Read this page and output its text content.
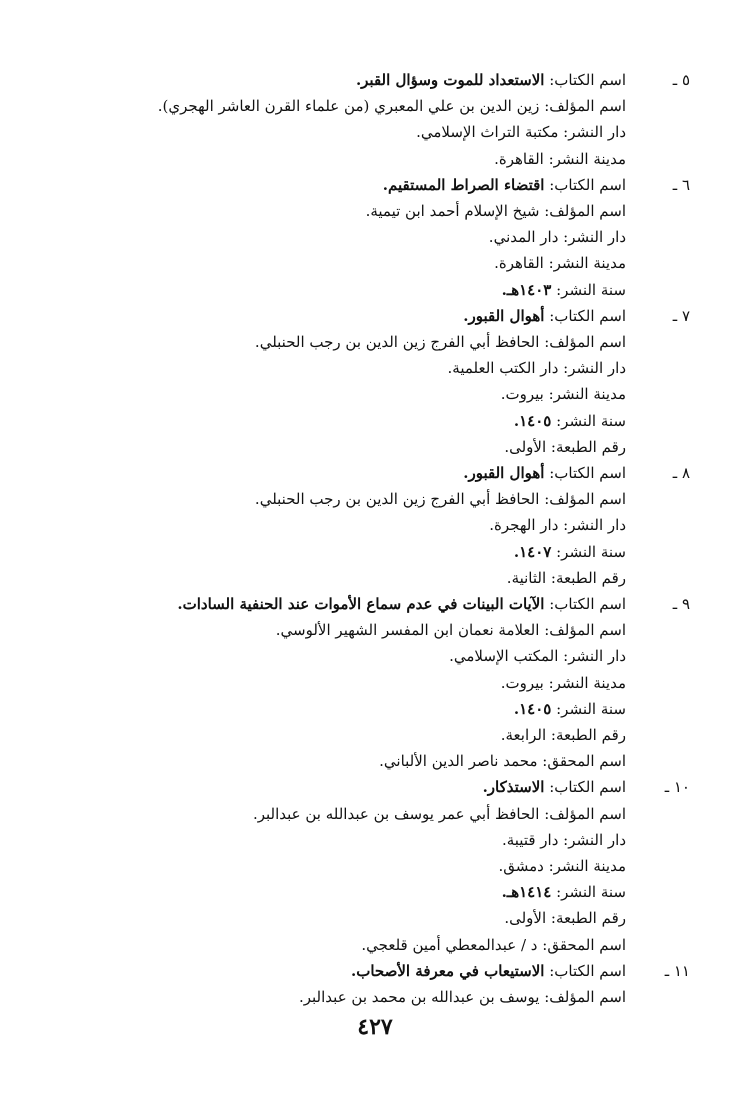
٥ ـ
اسم الكتاب: الاستعداد للموت وسؤال القبر.
اسم المؤلف: زين الدين بن علي المعبري (من علماء القرن العاشر الهجري).
دار النشر: مكتبة التراث الإسلامي.
مدينة النشر: القاهرة.
٦ ـ
اسم الكتاب: اقتضاء الصراط المستقيم.
اسم المؤلف: شيخ الإسلام أحمد ابن تيمية.
دار النشر: دار المدني.
مدينة النشر: القاهرة.
سنة النشر: ١٤٠٣هـ.
٧ ـ
اسم الكتاب: أهوال القبور.
اسم المؤلف: الحافظ أبي الفرج زين الدين بن رجب الحنبلي.
دار النشر: دار الكتب العلمية.
مدينة النشر: بيروت.
سنة النشر: ١٤٠٥.
رقم الطبعة: الأولى.
٨ ـ
اسم الكتاب: أهوال القبور.
اسم المؤلف: الحافظ أبي الفرج زين الدين بن رجب الحنبلي.
دار النشر: دار الهجرة.
سنة النشر: ١٤٠٧.
رقم الطبعة: الثانية.
٩ ـ
اسم الكتاب: الآيات البينات في عدم سماع الأموات عند الحنفية السادات.
اسم المؤلف: العلامة نعمان ابن المفسر الشهير الألوسي.
دار النشر: المكتب الإسلامي.
مدينة النشر: بيروت.
سنة النشر: ١٤٠٥.
رقم الطبعة: الرابعة.
اسم المحقق: محمد ناصر الدين الألباني.
١٠ ـ
اسم الكتاب: الاستذكار.
اسم المؤلف: الحافظ أبي عمر يوسف بن عبدالله بن عبدالبر.
دار النشر: دار قتيبة.
مدينة النشر: دمشق.
سنة النشر: ١٤١٤هـ.
رقم الطبعة: الأولى.
اسم المحقق: د / عبدالمعطي أمين قلعجي.
١١ ـ
اسم الكتاب: الاستيعاب في معرفة الأصحاب.
اسم المؤلف: يوسف بن عبدالله بن محمد بن عبدالبر.
٤٢٧
